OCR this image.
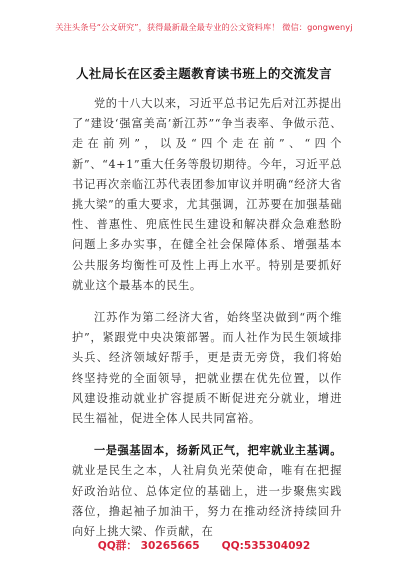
关注头条号“公文研究”，获得最新最全最专业的公文资料库！ 微信：gongwenyj
人社局长在区委主题教育读书班上的交流发言

党的十八大以来，习近平总书记先后对江苏提出了“建设‘强富美高’新江苏”“争当表率、争做示范、走在前列”，以及“四个走在前”、“四个新”、“4+1”重大任务等殷切期待。今年，习近平总书记再次亲临江苏代表团参加审议并明确“经济大省挑大梁”的重大要求，尤其强调，江苏要在加强基础性、普惠性、兜底性民生建设和解决群众急难愁盼问题上多办实事，在健全社会保障体系、增强基本公共服务均衡性可及性上再上水平。特别是要抓好就业这个最基本的民生。

江苏作为第二经济大省，始终坚决做到“两个维护”，紧跟党中央决策部署。而人社作为民生领域排头兵、经济领域好帮手，更是责无旁贷，我们将始终坚持党的全面领导，把就业摆在优先位置，以作风建设推动就业扩容提质不断促进充分就业，增进民生福祉，促进全体人民共同富裕。

一是强基固本，扬新风正气，把牢就业主基调。就业是民生之本，人社肩负光荣使命，唯有在把握好政治站位、总体定位的基础上，进一步聚焦实践落位，撸起袖子加油干，努力在推动经济持续回升向好上挑大梁、作贡献，在

QQ群： 30265665 QQ:535304092
